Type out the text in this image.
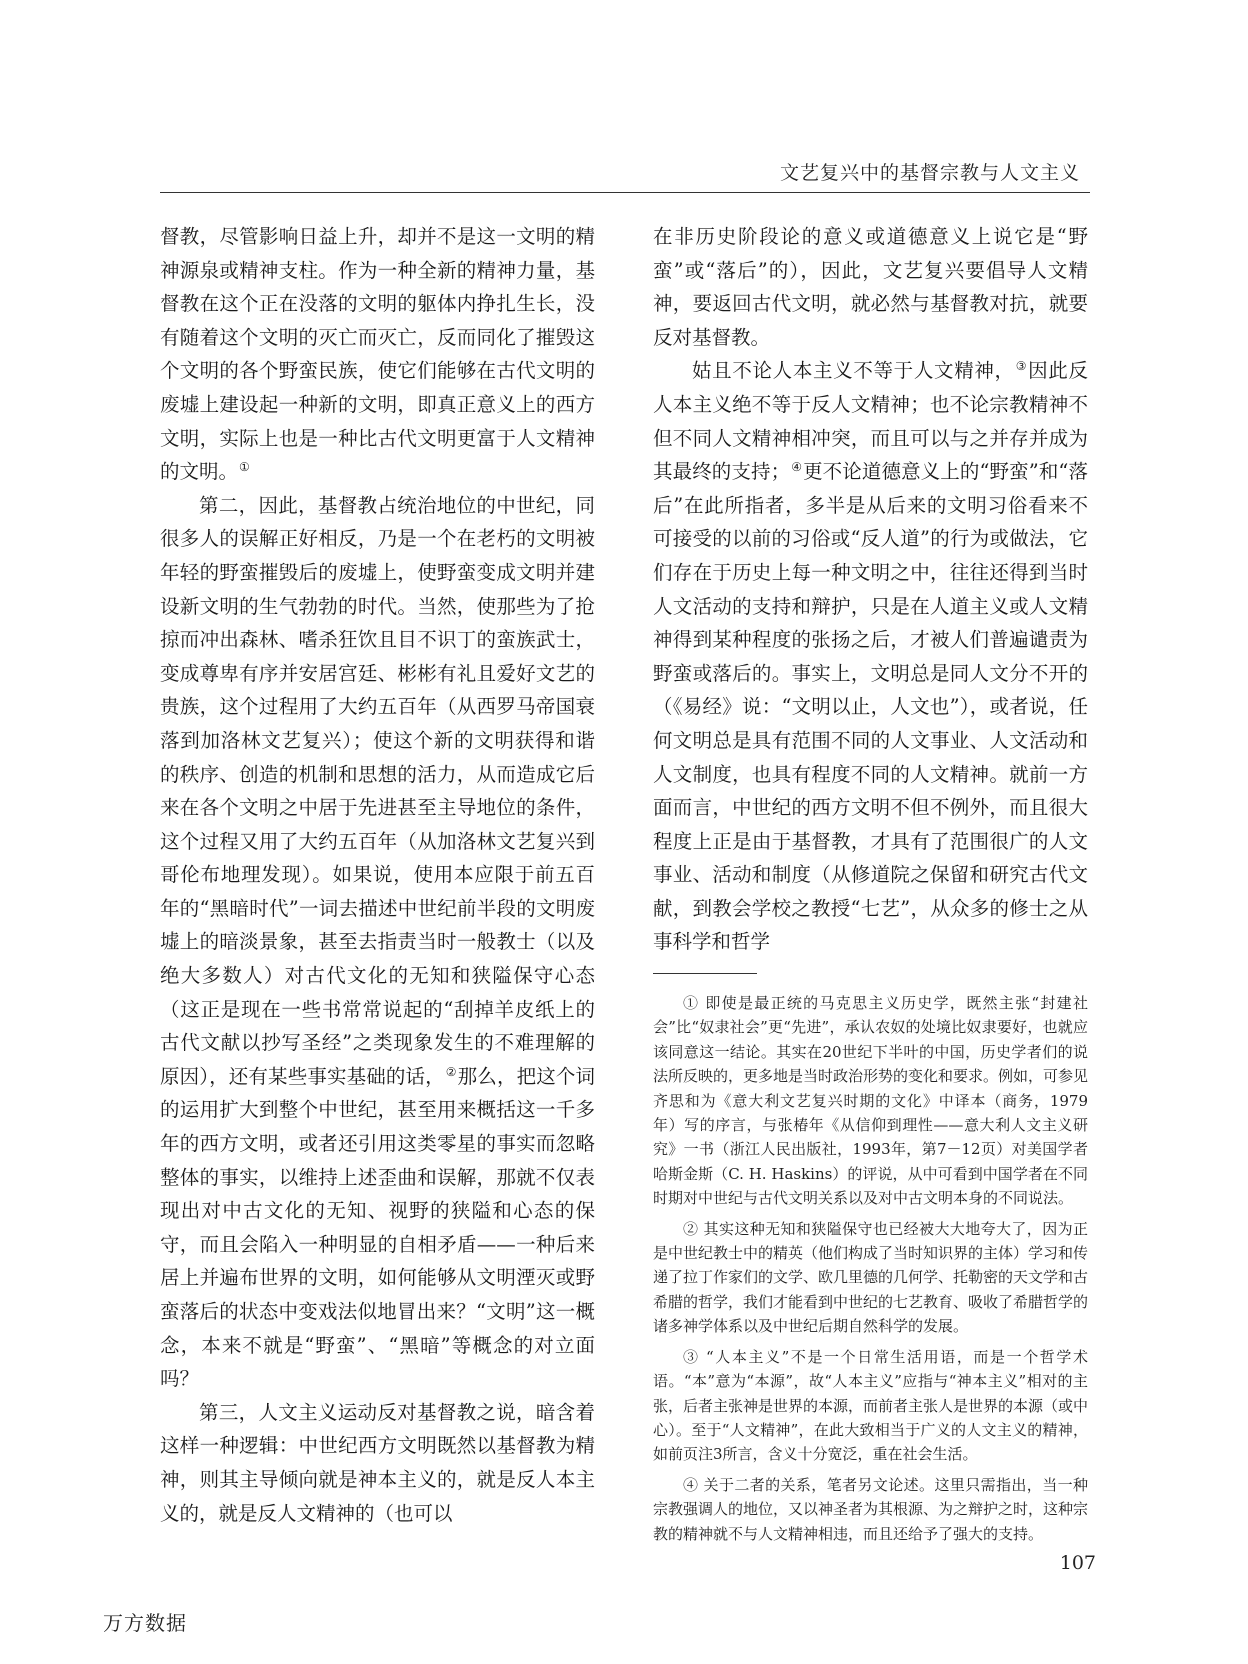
文艺复兴中的基督宗教与人文主义

督教，尽管影响日益上升，却并不是这一文明的精神源泉或精神支柱。作为一种全新的精神力量，基督教在这个正在没落的文明的躯体内挣扎生长，没有随着这个文明的灭亡而灭亡，反而同化了摧毁这个文明的各个野蛮民族，使它们能够在古代文明的废墟上建设起一种新的文明，即真正意义上的西方文明，实际上也是一种比古代文明更富于人文精神的文明。①

第二，因此，基督教占统治地位的中世纪，同很多人的误解正好相反，乃是一个在老朽的文明被年轻的野蛮摧毁后的废墟上，使野蛮变成文明并建设新文明的生气勃勃的时代。当然，使那些为了抢掠而冲出森林、嗜杀狂饮且目不识丁的蛮族武士，变成尊卑有序并安居宫廷、彬彬有礼且爱好文艺的贵族，这个过程用了大约五百年（从西罗马帝国衰落到加洛林文艺复兴）；使这个新的文明获得和谐的秩序、创造的机制和思想的活力，从而造成它后来在各个文明之中居于先进甚至主导地位的条件，这个过程又用了大约五百年（从加洛林文艺复兴到哥伦布地理发现）。如果说，使用本应限于前五百年的“黑暗时代”一词去描述中世纪前半段的文明废墟上的暗淡景象，甚至去指责当时一般教士（以及绝大多数人）对古代文化的无知和狭隘保守心态（这正是现在一些书常常说起的“刮掉羊皮纸上的古代文献以抄写圣经”之类现象发生的不难理解的原因），还有某些事实基础的话，②那么，把这个词的运用扩大到整个中世纪，甚至用来概括这一千多年的西方文明，或者还引用这类零星的事实而忽略整体的事实，以维持上述歪曲和误解，那就不仅表现出对中古文化的无知、视野的狭隘和心态的保守，而且会陷入一种明显的自相矛盾——一种后来居上并遍布世界的文明，如何能够从文明湮灭或野蛮落后的状态中变戏法似地冒出来？“文明”这一概念，本来不就是“野蛮”、“黑暗”等概念的对立面吗？

第三，人文主义运动反对基督教之说，暗含着这样一种逻辑：中世纪西方文明既然以基督教为精神，则其主导倾向就是神本主义的，就是反人本主义的，就是反人文精神的（也可以

在非历史阶段论的意义或道德意义上说它是“野蛮”或“落后”的），因此，文艺复兴要倡导人文精神，要返回古代文明，就必然与基督教对抗，就要反对基督教。

姑且不论人本主义不等于人文精神，③因此反人本主义绝不等于反人文精神；也不论宗教精神不但不同人文精神相冲突，而且可以与之并存并成为其最终的支持；④更不论道德意义上的“野蛮”和“落后”在此所指者，多半是从后来的文明习俗看来不可接受的以前的习俗或“反人道”的行为或做法，它们存在于历史上每一种文明之中，往往还得到当时人文活动的支持和辩护，只是在人道主义或人文精神得到某种程度的张扬之后，才被人们普遍谴责为野蛮或落后的。事实上，文明总是同人文分不开的（《易经》说：“文明以止，人文也”），或者说，任何文明总是具有范围不同的人文事业、人文活动和人文制度，也具有程度不同的人文精神。就前一方面而言，中世纪的西方文明不但不例外，而且很大程度上正是由于基督教，才具有了范围很广的人文事业、活动和制度（从修道院之保留和研究古代文献，到教会学校之教授“七艺”，从众多的修士之从事科学和哲学

① 即使是最正统的马克思主义历史学，既然主张“封建社会”比“奴隶社会”更“先进”，承认农奴的处境比奴隶要好，也就应该同意这一结论。其实在20世纪下半叶的中国，历史学者们的说法所反映的，更多地是当时政治形势的变化和要求。例如，可参见齐思和为《意大利文艺复兴时期的文化》中译本（商务，1979年）写的序言，与张椿年《从信仰到理性——意大利人文主义研究》一书（浙江人民出版社，1993年，第7－12页）对美国学者哈斯金斯（C. H. Haskins）的评说，从中可看到中国学者在不同时期对中世纪与古代文明关系以及对中古文明本身的不同说法。

② 其实这种无知和狭隘保守也已经被大大地夸大了，因为正是中世纪教士中的精英（他们构成了当时知识界的主体）学习和传递了拉丁作家们的文学、欧几里德的几何学、托勒密的天文学和古希腊的哲学，我们才能看到中世纪的七艺教育、吸收了希腊哲学的诸多神学体系以及中世纪后期自然科学的发展。

③ “人本主义”不是一个日常生活用语，而是一个哲学术语。“本”意为“本源”，故“人本主义”应指与“神本主义”相对的主张，后者主张神是世界的本源，而前者主张人是世界的本源（或中心）。至于“人文精神”，在此大致相当于广义的人文主义的精神，如前页注3所言，含义十分宽泛，重在社会生活。

④ 关于二者的关系，笔者另文论述。这里只需指出，当一种宗教强调人的地位，又以神圣者为其根源、为之辩护之时，这种宗教的精神就不与人文精神相违，而且还给予了强大的支持。

107
万方数据
